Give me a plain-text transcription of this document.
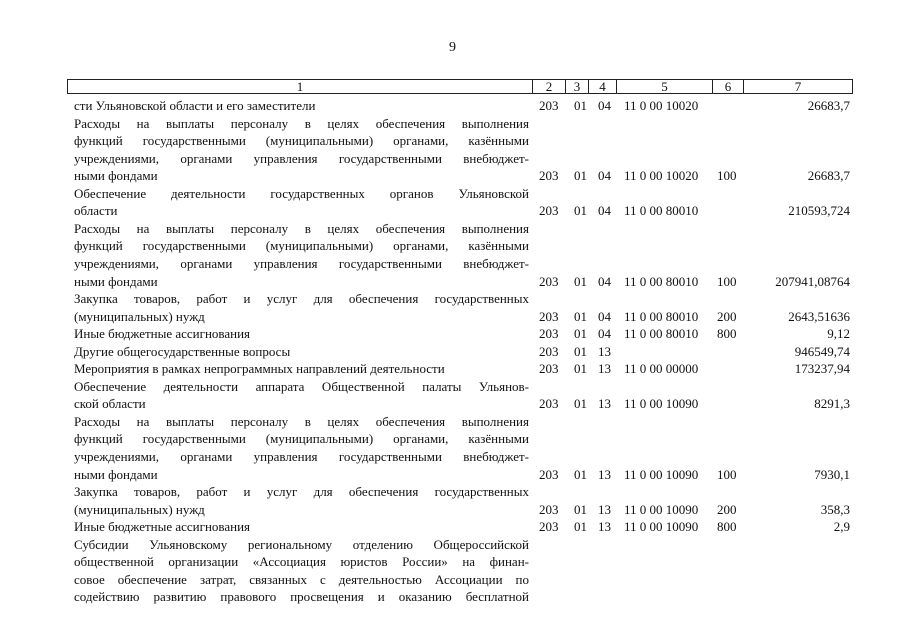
9
1	2	3	4	5	6	7
сти Ульяновской области и его заместители	203 01 04 11 0 00 10020	26683,7
Расходы на выплаты персоналу в целях обеспечения выполнения
функций государственными (муниципальными) органами, казёнными
учреждениями, органами управления государственными внебюджет-
ными фондами	203 01 04 11 0 00 10020 100	26683,7
Обеспечение деятельности государственных органов Ульяновской
области	203 01 04 11 0 00 80010	210593,724
Расходы на выплаты персоналу в целях обеспечения выполнения
функций государственными (муниципальными) органами, казёнными
учреждениями, органами управления государственными внебюджет-
ными фондами	203 01 04 11 0 00 80010 100	207941,08764
Закупка товаров, работ и услуг для обеспечения государственных
(муниципальных) нужд	203 01 04 11 0 00 80010 200	2643,51636
Иные бюджетные ассигнования	203 01 04 11 0 00 80010 800	9,12
Другие общегосударственные вопросы	203 01 13	946549,74
Мероприятия в рамках непрограммных направлений деятельности	203 01 13 11 0 00 00000	173237,94
Обеспечение деятельности аппарата Общественной палаты Ульянов-
ской области	203 01 13 11 0 00 10090	8291,3
Расходы на выплаты персоналу в целях обеспечения выполнения
функций государственными (муниципальными) органами, казёнными
учреждениями, органами управления государственными внебюджет-
ными фондами	203 01 13 11 0 00 10090 100	7930,1
Закупка товаров, работ и услуг для обеспечения государственных
(муниципальных) нужд	203 01 13 11 0 00 10090 200	358,3
Иные бюджетные ассигнования	203 01 13 11 0 00 10090 800	2,9
Субсидии Ульяновскому региональному отделению Общероссийской
общественной организации «Ассоциация юристов России» на финан-
совое обеспечение затрат, связанных с деятельностью Ассоциации по
содействию развитию правового просвещения и оказанию бесплатной
